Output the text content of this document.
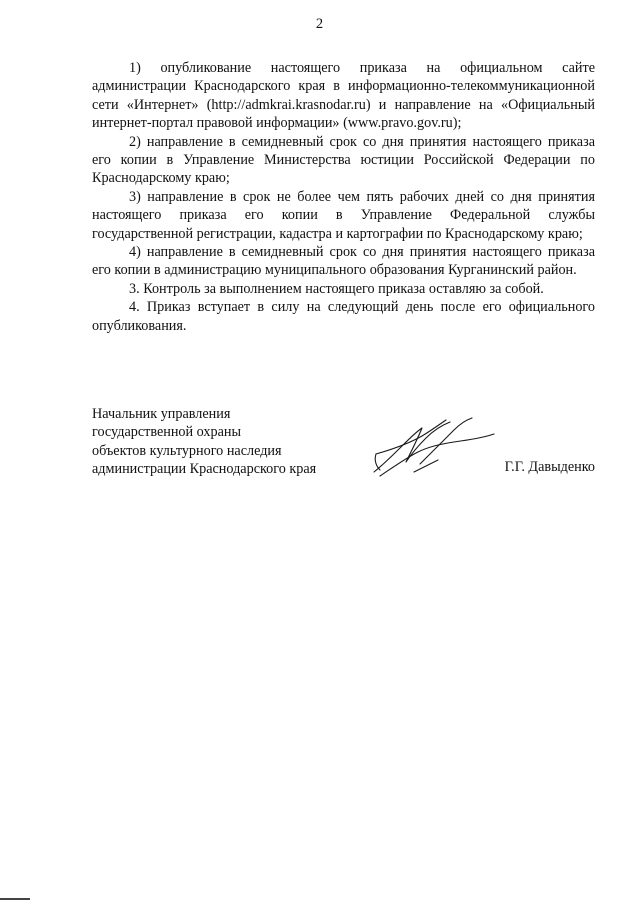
2

1) опубликование настоящего приказа на официальном сайте администрации Краснодарского края в информационно-телекоммуникационной сети «Интернет» (http://admkrai.krasnodar.ru) и направление на «Официальный интернет-портал правовой информации» (www.pravo.gov.ru);

2) направление в семидневный срок со дня принятия настоящего приказа его копии в Управление Министерства юстиции Российской Федерации по Краснодарскому краю;

3) направление в срок не более чем пять рабочих дней со дня принятия настоящего приказа его копии в Управление Федеральной службы государственной регистрации, кадастра и картографии по Краснодарскому краю;

4) направление в семидневный срок со дня принятия настоящего приказа его копии в администрацию муниципального образования Курганинский район.

3. Контроль за выполнением настоящего приказа оставляю за собой.

4. Приказ вступает в силу на следующий день после его официального опубликования.

Начальник управления
государственной охраны
объектов культурного наследия
администрации Краснодарского края	Г.Г. Давыденко
